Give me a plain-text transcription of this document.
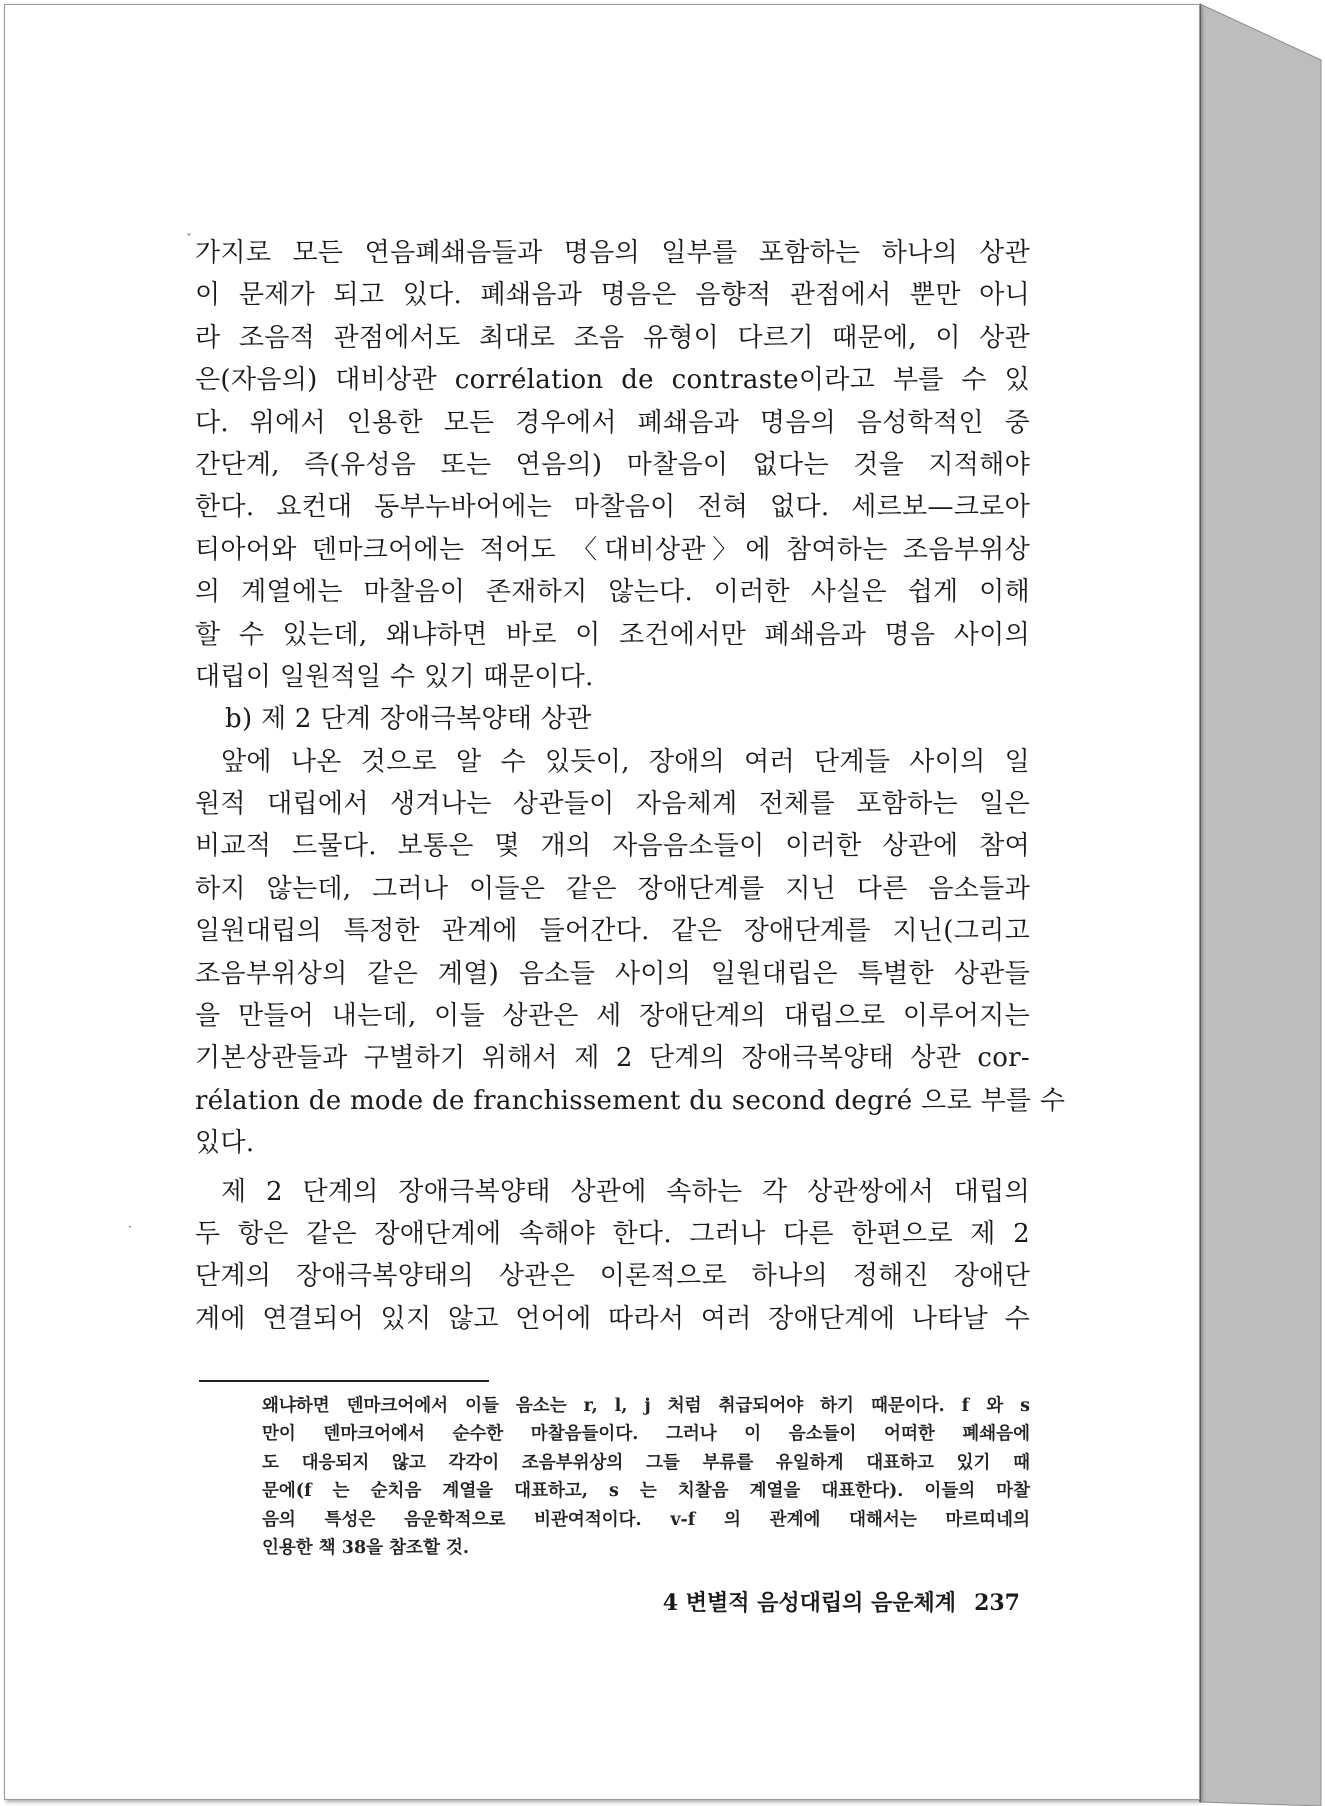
가지로 모든 연음폐쇄음들과 명음의 일부를 포함하는 하나의 상관
이 문제가 되고 있다. 폐쇄음과 명음은 음향적 관점에서 뿐만 아니
라 조음적 관점에서도 최대로 조음 유형이 다르기 때문에, 이 상관
은(자음의) 대비상관 corrélation de contraste이라고 부를 수 있
다. 위에서 인용한 모든 경우에서 폐쇄음과 명음의 음성학적인 중
간단계, 즉(유성음 또는 연음의) 마찰음이 없다는 것을 지적해야
한다. 요컨대 동부누바어에는 마찰음이 전혀 없다. 세르보—크로아
티아어와 덴마크어에는 적어도 〈대비상관〉에 참여하는 조음부위상
의 계열에는 마찰음이 존재하지 않는다. 이러한 사실은 쉽게 이해
할 수 있는데, 왜냐하면 바로 이 조건에서만 폐쇄음과 명음 사이의
대립이 일원적일 수 있기 때문이다.
b) 제 2 단계 장애극복양태 상관
앞에 나온 것으로 알 수 있듯이, 장애의 여러 단계들 사이의 일
원적 대립에서 생겨나는 상관들이 자음체계 전체를 포함하는 일은
비교적 드물다. 보통은 몇 개의 자음음소들이 이러한 상관에 참여
하지 않는데, 그러나 이들은 같은 장애단계를 지닌 다른 음소들과
일원대립의 특정한 관계에 들어간다. 같은 장애단계를 지닌(그리고
조음부위상의 같은 계열) 음소들 사이의 일원대립은 특별한 상관들
을 만들어 내는데, 이들 상관은 세 장애단계의 대립으로 이루어지는
기본상관들과 구별하기 위해서 제 2 단계의 장애극복양태 상관 cor-
rélation de mode de franchissement du second degré 으로 부를 수
있다.
제 2 단계의 장애극복양태 상관에 속하는 각 상관쌍에서 대립의
두 항은 같은 장애단계에 속해야 한다. 그러나 다른 한편으로 제 2
단계의 장애극복양태의 상관은 이론적으로 하나의 정해진 장애단
계에 연결되어 있지 않고 언어에 따라서 여러 장애단계에 나타날 수
왜냐하면 덴마크어에서 이들 음소는 r, l, j 처럼 취급되어야 하기 때문이다. f 와 s
만이 덴마크어에서 순수한 마찰음들이다. 그러나 이 음소들이 어떠한 폐쇄음에
도 대응되지 않고 각각이 조음부위상의 그들 부류를 유일하게 대표하고 있기 때
문에(f 는 순치음 계열을 대표하고, s 는 치찰음 계열을 대표한다). 이들의 마찰
음의 특성은 음운학적으로 비관여적이다. v-f 의 관계에 대해서는 마르띠네의
인용한 책 38을 참조할 것.
4 변별적 음성대립의 음운체계 237
ˇ
·
